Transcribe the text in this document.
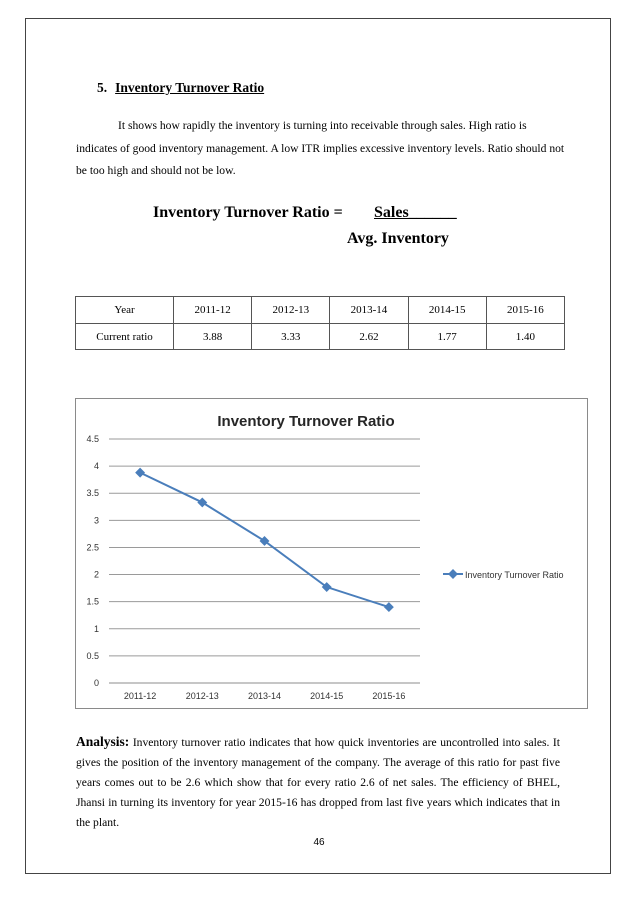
5. Inventory Turnover Ratio

It shows how rapidly the inventory is turning into receivable through sales. High ratio is indicates of good inventory management. A low ITR implies excessive inventory levels. Ratio should not be too high and should not be low.

Inventory Turnover Ratio = Sales______

Avg. Inventory

Year	2011-12	2012-13	2013-14	2014-15	2015-16
Current ratio	3.88	3.33	2.62	1.77	1.40
Inventory Turnover Ratio
0
0.5
1
1.5
2
2.5
3
3.5
4
4.5
2011-12	2012-13	2013-14	2014-15	2015-16
Inventory Turnover Ratio

Analysis: Inventory turnover ratio indicates that how quick inventories are uncontrolled into sales. It gives the position of the inventory management of the company. The average of this ratio for past five years comes out to be 2.6 which show that for every ratio 2.6 of net sales. The efficiency of BHEL, Jhansi in turning its inventory for year 2015-16 has dropped from last five years which indicates that in the plant.

46
